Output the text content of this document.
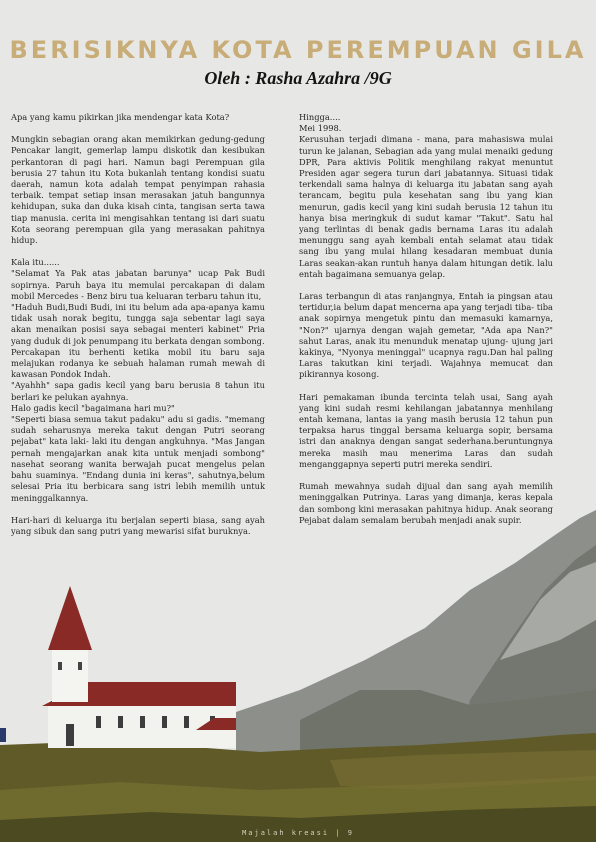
BERISIKNYA KOTA PEREMPUAN GILA
Oleh : Rasha Azahra /9G

Apa yang kamu pikirkan jika mendengar kata Kota?

Mungkin sebagian orang akan memikirkan gedung-gedung Pencakar langit, gemerlap lampu diskotik dan kesibukan perkantoran di pagi hari. Namun bagi Perempuan gila berusia 27 tahun itu Kota bukanlah tentang kondisi suatu daerah, namun kota adalah tempat penyimpan rahasia terbaik. tempat setiap insan merasakan jatuh bangunnya kehidupan, suka dan duka kisah cinta, tangisan serta tawa tiap manusia. cerita ini mengisahkan tentang isi dari suatu Kota seorang perempuan gila yang merasakan pahitnya hidup.

Kala itu......

"Selamat Ya Pak atas jabatan barunya" ucap Pak Budi sopirnya. Paruh baya itu memulai percakapan di dalam mobil Mercedes - Benz biru tua keluaran terbaru tahun itu,

"Haduh Budi,Budi Budi, ini itu belum ada apa-apanya kamu tidak usah norak begitu, tungga saja sebentar lagi saya akan menaikan posisi saya sebagai menteri kabinet" Pria yang duduk di jok penumpang itu berkata dengan sombong.

Percakapan itu berhenti ketika mobil itu baru saja melajukan rodanya ke sebuah halaman rumah mewah di kawasan Pondok Indah.

"Ayahhh" sapa gadis kecil yang baru berusia 8 tahun itu berlari ke pelukan ayahnya.

Halo gadis kecil "bagaimana hari mu?"

"Seperti biasa semua takut padaku" adu si gadis. "memang sudah seharusnya mereka takut dengan Putri seorang pejabat" kata laki- laki itu dengan angkuhnya. "Mas Jangan pernah mengajarkan anak kita untuk menjadi sombong" nasehat seorang wanita berwajah pucat mengelus pelan bahu suaminya. "Endang dunia ini keras", sahutnya,belum selesai Pria itu berbicara sang istri lebih memilih untuk meninggalkannya.

Hari-hari di keluarga itu berjalan seperti biasa, sang ayah yang sibuk dan sang putri yang mewarisi sifat buruknya.

Hingga....

Mei 1998.

Kerusuhan terjadi dimana - mana, para mahasiswa mulai turun ke jalanan, Sebagian ada yang mulai menaiki gedung DPR, Para aktivis Politik menghilang rakyat menuntut Presiden agar segera turun dari jabatannya. Situasi tidak terkendali sama halnya di keluarga itu jabatan sang ayah terancam, begitu pula kesehatan sang ibu yang kian menurun, gadis kecil yang kini sudah berusia 12 tahun itu hanya bisa meringkuk di sudut kamar "Takut". Satu hal yang terlintas di benak gadis bernama Laras itu adalah menunggu sang ayah kembali entah selamat atau tidak sang ibu yang mulai hilang kesadaran membuat dunia Laras seakan-akan runtuh hanya dalam hitungan detik. lalu entah bagaimana semuanya gelap.

Laras terbangun di atas ranjangnya, Entah ia pingsan atau tertidur,ia belum dapat mencerna apa yang terjadi tiba- tiba anak sopirnya mengetuk pintu dan memasuki kamarnya, "Non?" ujarnya dengan wajah gemetar, "Ada apa Nan?" sahut Laras, anak itu menunduk menatap ujung- ujung jari kakinya, "Nyonya meninggal" ucapnya ragu.Dan hal paling Laras takutkan kini terjadi. Wajahnya memucat dan pikirannya kosong.

Hari pemakaman ibunda tercinta telah usai, Sang ayah yang kini sudah resmi kehilangan jabatannya menhilang entah kemana, lantas ia yang masih berusia 12 tahun pun terpaksa harus tinggal bersama keluarga sopir, bersama istri dan anaknya dengan sangat sederhana.beruntungnya mereka masih mau menerima Laras dan sudah menganggapnya seperti putri mereka sendiri.

Rumah mewahnya sudah dijual dan sang ayah memilih meninggalkan Putrinya. Laras yang dimanja, keras kepala dan sombong kini merasakan pahitnya hidup. Anak seorang Pejabat dalam semalam berubah menjadi anak supir.

Majalah kreasi | 9
